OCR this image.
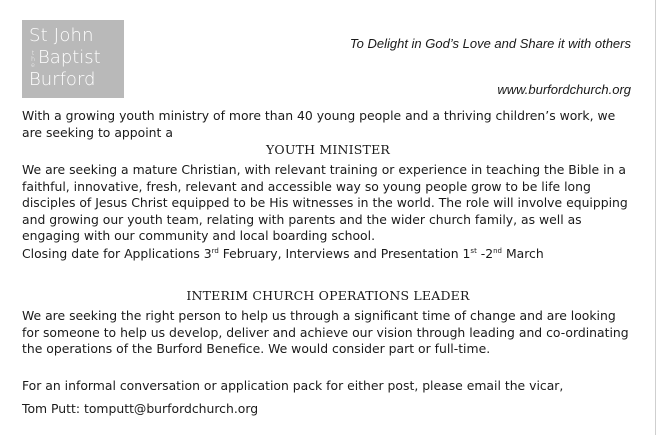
St John
the Baptist
Burford
To Delight in God’s Love and Share it with others
www.burfordchurch.org
With a growing youth ministry of more than 40 young people and a thriving children’s work, we are seeking to appoint a
YOUTH MINISTER
We are seeking a mature Christian, with relevant training or experience in teaching the Bible in a faithful, innovative, fresh, relevant and accessible way so young people grow to be life long disciples of Jesus Christ equipped to be His witnesses in the world. The role will involve equipping and growing our youth team, relating with parents and the wider church family, as well as engaging with our community and local boarding school.
Closing date for Applications 3rd February, Interviews and Presentation 1st -2nd March
INTERIM CHURCH OPERATIONS LEADER
We are seeking the right person to help us through a significant time of change and are looking for someone to help us develop, deliver and achieve our vision through leading and co-ordinating the operations of the Burford Benefice. We would consider part or full-time.
For an informal conversation or application pack for either post, please email the vicar,
Tom Putt: tomputt@burfordchurch.org
